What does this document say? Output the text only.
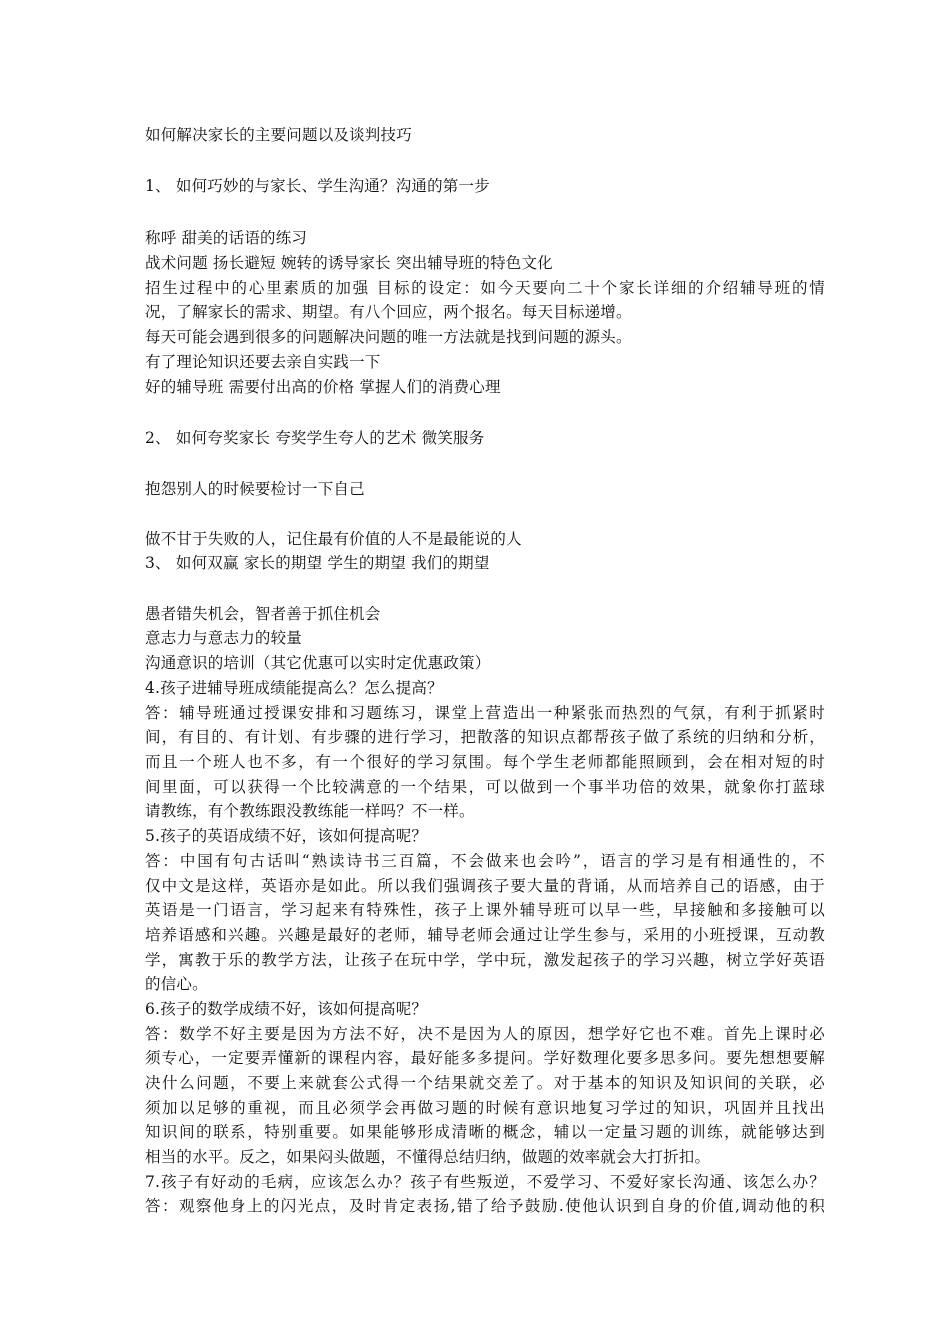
如何解决家长的主要问题以及谈判技巧
1、 如何巧妙的与家长、学生沟通？沟通的第一步
称呼 甜美的话语的练习
战术问题 扬长避短 婉转的诱导家长 突出辅导班的特色文化
招生过程中的心里素质的加强 目标的设定：如今天要向二十个家长详细的介绍辅导班的情
况，了解家长的需求、期望。有八个回应，两个报名。每天目标递增。
每天可能会遇到很多的问题解决问题的唯一方法就是找到问题的源头。
有了理论知识还要去亲自实践一下
好的辅导班 需要付出高的价格 掌握人们的消费心理
2、 如何夸奖家长 夸奖学生夸人的艺术 微笑服务
抱怨别人的时候要检讨一下自己
做不甘于失败的人，记住最有价值的人不是最能说的人
3、 如何双赢 家长的期望 学生的期望 我们的期望
愚者错失机会，智者善于抓住机会
意志力与意志力的较量
沟通意识的培训（其它优惠可以实时定优惠政策）
4.孩子进辅导班成绩能提高么？怎么提高？
答：辅导班通过授课安排和习题练习，课堂上营造出一种紧张而热烈的气氛，有利于抓紧时
间，有目的、有计划、有步骤的进行学习，把散落的知识点都帮孩子做了系统的归纳和分析，
而且一个班人也不多，有一个很好的学习氛围。每个学生老师都能照顾到，会在相对短的时
间里面，可以获得一个比较满意的一个结果，可以做到一个事半功倍的效果，就象你打蓝球
请教练，有个教练跟没教练能一样吗？不一样。
5.孩子的英语成绩不好，该如何提高呢？
答：中国有句古话叫“熟读诗书三百篇，不会做来也会吟”，语言的学习是有相通性的，不
仅中文是这样，英语亦是如此。所以我们强调孩子要大量的背诵，从而培养自己的语感，由于
英语是一门语言，学习起来有特殊性，孩子上课外辅导班可以早一些，早接触和多接触可以
培养语感和兴趣。兴趣是最好的老师，辅导老师会通过让学生参与，采用的小班授课，互动教
学，寓教于乐的教学方法，让孩子在玩中学，学中玩，激发起孩子的学习兴趣，树立学好英语
的信心。
6.孩子的数学成绩不好，该如何提高呢？
答：数学不好主要是因为方法不好，决不是因为人的原因，想学好它也不难。首先上课时必
须专心，一定要弄懂新的课程内容，最好能多多提问。学好数理化要多思多问。要先想想要解
决什么问题，不要上来就套公式得一个结果就交差了。对于基本的知识及知识间的关联，必
须加以足够的重视，而且必须学会再做习题的时候有意识地复习学过的知识，巩固并且找出
知识间的联系，特别重要。如果能够形成清晰的概念，辅以一定量习题的训练，就能够达到
相当的水平。反之，如果闷头做题，不懂得总结归纳，做题的效率就会大打折扣。
7.孩子有好动的毛病，应该怎么办？孩子有些叛逆，不爱学习、不爱好家长沟通、该怎么办？
答：观察他身上的闪光点，及时肯定表扬,错了给予鼓励.使他认识到自身的价值,调动他的积
